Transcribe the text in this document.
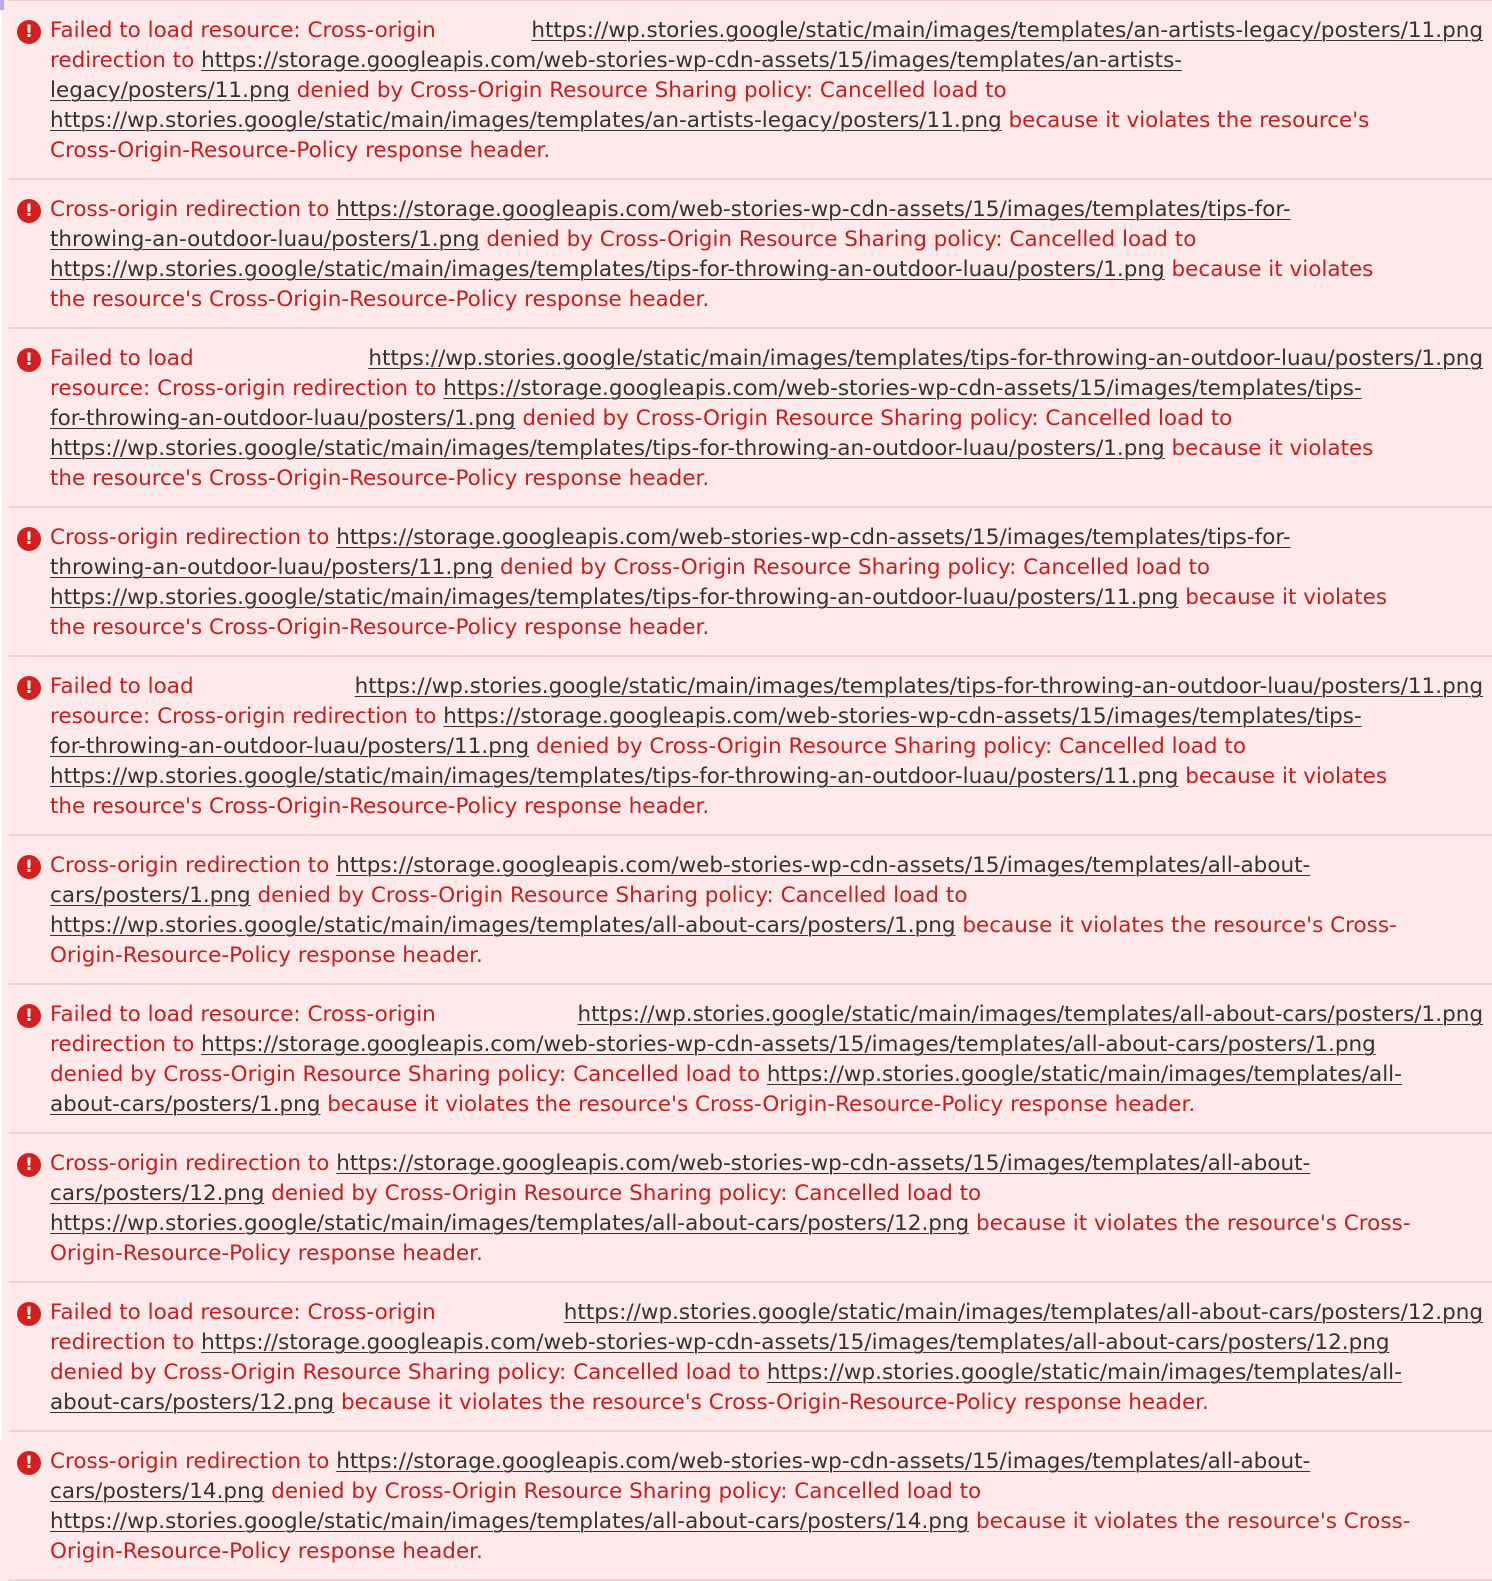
! Failed to load resource: Cross-origin
redirection to https://storage.googleapis.com/web-stories-wp-cdn-assets/15/images/templates/an-artists-
legacy/posters/11.png denied by Cross-Origin Resource Sharing policy: Cancelled load to
https://wp.stories.google/static/main/images/templates/an-artists-legacy/posters/11.png because it violates the resource's
Cross-Origin-Resource-Policy response header.
https://wp.stories.google/static/main/images/templates/an-artists-legacy/posters/11.png
! Cross-origin redirection to https://storage.googleapis.com/web-stories-wp-cdn-assets/15/images/templates/tips-for-
throwing-an-outdoor-luau/posters/1.png denied by Cross-Origin Resource Sharing policy: Cancelled load to
https://wp.stories.google/static/main/images/templates/tips-for-throwing-an-outdoor-luau/posters/1.png because it violates
the resource's Cross-Origin-Resource-Policy response header.
! Failed to load
resource: Cross-origin redirection to https://storage.googleapis.com/web-stories-wp-cdn-assets/15/images/templates/tips-
for-throwing-an-outdoor-luau/posters/1.png denied by Cross-Origin Resource Sharing policy: Cancelled load to
https://wp.stories.google/static/main/images/templates/tips-for-throwing-an-outdoor-luau/posters/1.png because it violates
the resource's Cross-Origin-Resource-Policy response header.
https://wp.stories.google/static/main/images/templates/tips-for-throwing-an-outdoor-luau/posters/1.png
! Cross-origin redirection to https://storage.googleapis.com/web-stories-wp-cdn-assets/15/images/templates/tips-for-
throwing-an-outdoor-luau/posters/11.png denied by Cross-Origin Resource Sharing policy: Cancelled load to
https://wp.stories.google/static/main/images/templates/tips-for-throwing-an-outdoor-luau/posters/11.png because it violates
the resource's Cross-Origin-Resource-Policy response header.
! Failed to load
resource: Cross-origin redirection to https://storage.googleapis.com/web-stories-wp-cdn-assets/15/images/templates/tips-
for-throwing-an-outdoor-luau/posters/11.png denied by Cross-Origin Resource Sharing policy: Cancelled load to
https://wp.stories.google/static/main/images/templates/tips-for-throwing-an-outdoor-luau/posters/11.png because it violates
the resource's Cross-Origin-Resource-Policy response header.
https://wp.stories.google/static/main/images/templates/tips-for-throwing-an-outdoor-luau/posters/11.png
! Cross-origin redirection to https://storage.googleapis.com/web-stories-wp-cdn-assets/15/images/templates/all-about-
cars/posters/1.png denied by Cross-Origin Resource Sharing policy: Cancelled load to
https://wp.stories.google/static/main/images/templates/all-about-cars/posters/1.png because it violates the resource's Cross-
Origin-Resource-Policy response header.
! Failed to load resource: Cross-origin
redirection to https://storage.googleapis.com/web-stories-wp-cdn-assets/15/images/templates/all-about-cars/posters/1.png
denied by Cross-Origin Resource Sharing policy: Cancelled load to https://wp.stories.google/static/main/images/templates/all-
about-cars/posters/1.png because it violates the resource's Cross-Origin-Resource-Policy response header.
https://wp.stories.google/static/main/images/templates/all-about-cars/posters/1.png
! Cross-origin redirection to https://storage.googleapis.com/web-stories-wp-cdn-assets/15/images/templates/all-about-
cars/posters/12.png denied by Cross-Origin Resource Sharing policy: Cancelled load to
https://wp.stories.google/static/main/images/templates/all-about-cars/posters/12.png because it violates the resource's Cross-
Origin-Resource-Policy response header.
! Failed to load resource: Cross-origin
redirection to https://storage.googleapis.com/web-stories-wp-cdn-assets/15/images/templates/all-about-cars/posters/12.png
denied by Cross-Origin Resource Sharing policy: Cancelled load to https://wp.stories.google/static/main/images/templates/all-
about-cars/posters/12.png because it violates the resource's Cross-Origin-Resource-Policy response header.
https://wp.stories.google/static/main/images/templates/all-about-cars/posters/12.png
! Cross-origin redirection to https://storage.googleapis.com/web-stories-wp-cdn-assets/15/images/templates/all-about-
cars/posters/14.png denied by Cross-Origin Resource Sharing policy: Cancelled load to
https://wp.stories.google/static/main/images/templates/all-about-cars/posters/14.png because it violates the resource's Cross-
Origin-Resource-Policy response header.
